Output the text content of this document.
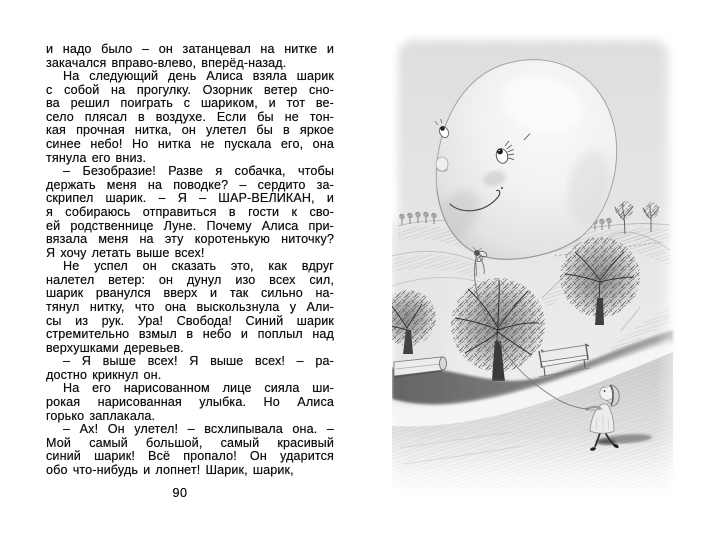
и надо было – он затанцевал на нитке и
закачался вправо-влево, вперёд-назад.
На следующий день Алиса взяла шарик
с собой на прогулку. Озорник ветер сно-
ва решил поиграть с шариком, и тот ве-
село плясал в воздухе. Если бы не тон-
кая прочная нитка, он улетел бы в яркое
синее небо! Но нитка не пускала его, она
тянула его вниз.
– Безобразие! Разве я собачка, чтобы
держать меня на поводке? – сердито за-
скрипел шарик. – Я – ШАР-ВЕЛИКАН, и
я собираюсь отправиться в гости к сво-
ей родственнице Луне. Почему Алиса при-
вязала меня на эту коротенькую ниточку?
Я хочу летать выше всех!
Не успел он сказать это, как вдруг
налетел ветер: он дунул изо всех сил,
шарик рванулся вверх и так сильно на-
тянул нитку, что она выскользнула у Али-
сы из рук. Ура! Свобода! Синий шарик
стремительно взмыл в небо и поплыл над
верхушками деревьев.
– Я выше всех! Я выше всех! – ра-
достно крикнул он.
На его нарисованном лице сияла ши-
рокая нарисованная улыбка. Но Алиса
горько заплакала.
– Ах! Он улетел! – всхлипывала она. –
Мой самый большой, самый красивый
синий шарик! Всё пропало! Он ударится
обо что-нибудь и лопнет! Шарик, шарик,
90
